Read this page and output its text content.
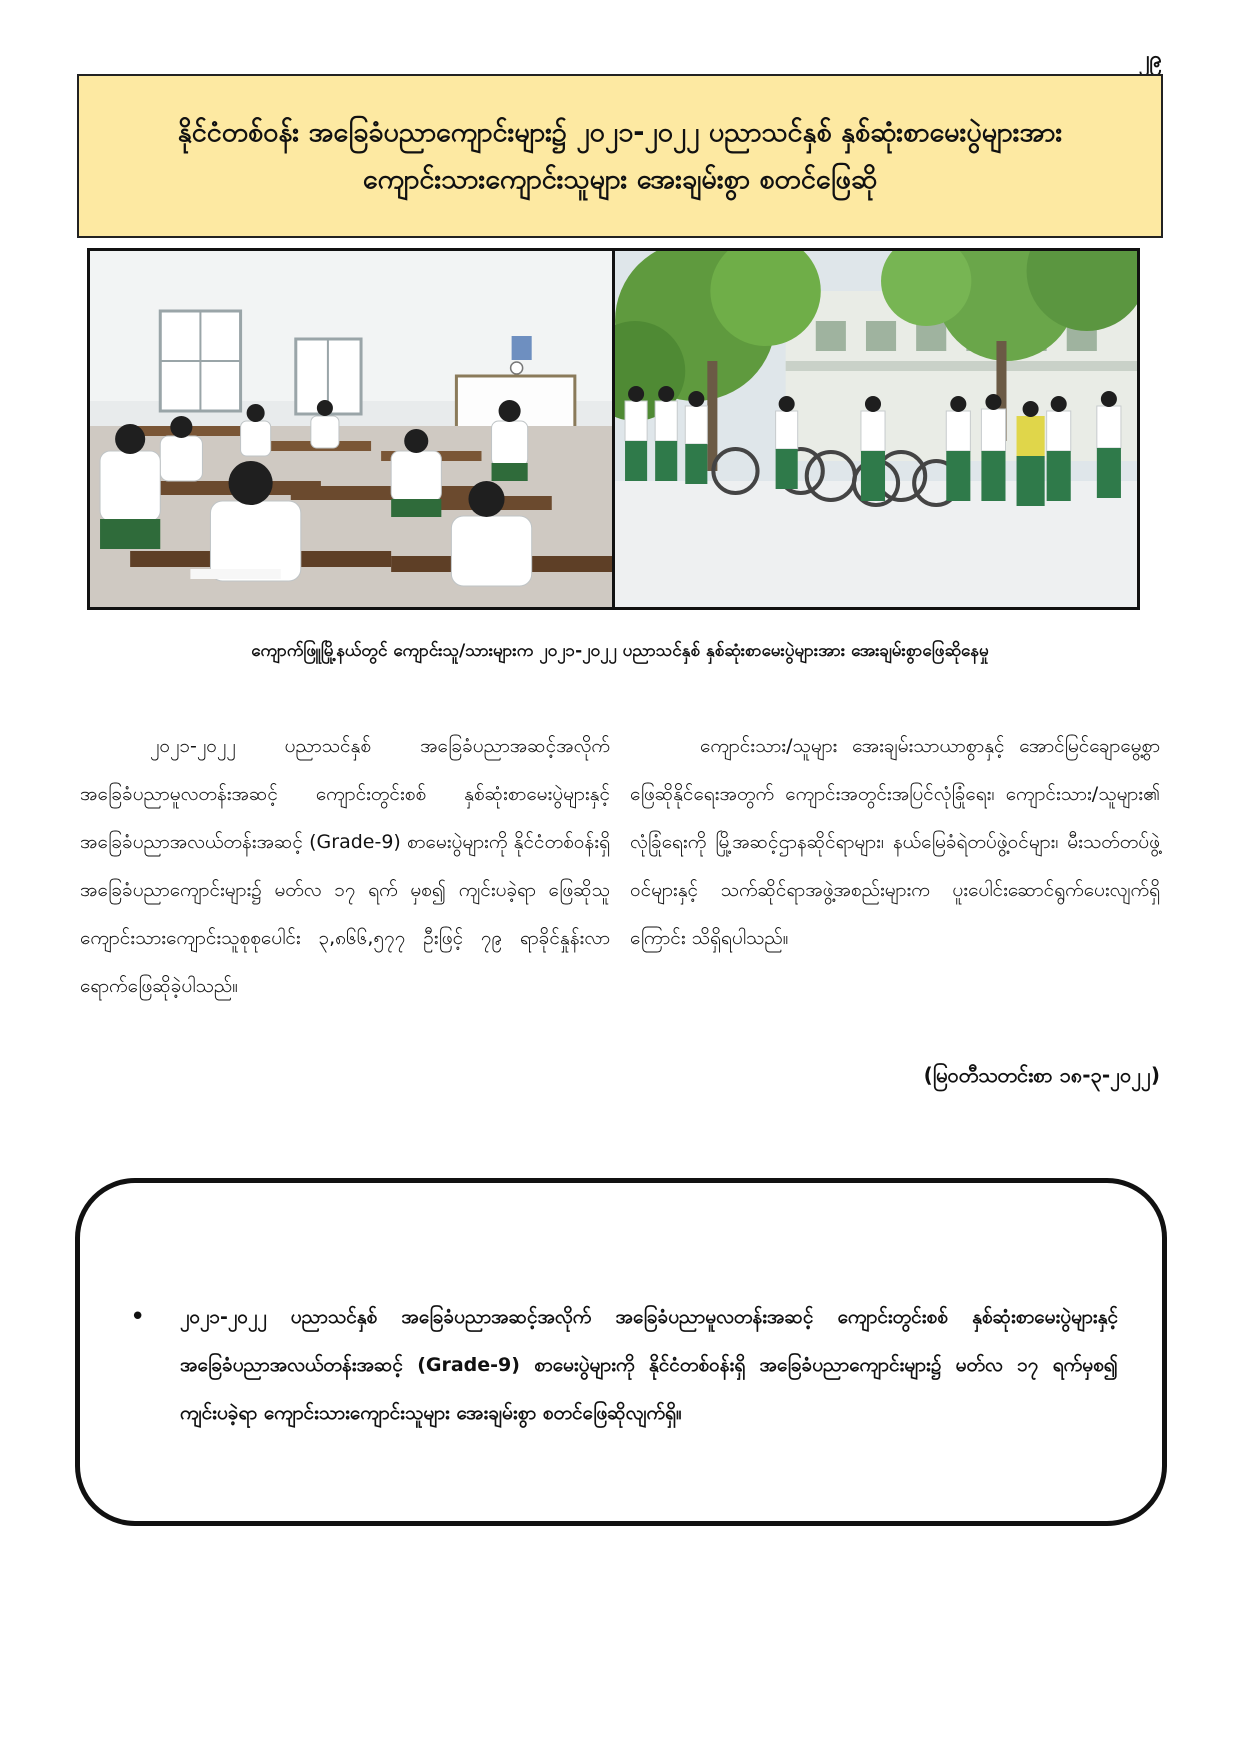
၂၉
နိုင်ငံတစ်ဝန်း အခြေခံပညာကျောင်းများ၌ ၂၀၂၁-၂၀၂၂ ပညာသင်နှစ် နှစ်ဆုံးစာမေးပွဲများအား
ကျောင်းသားကျောင်းသူများ အေးချမ်းစွာ စတင်ဖြေဆို
ကျောက်ဖြူမြို့နယ်တွင် ကျောင်းသူ/သားများက ၂၀၂၁-၂၀၂၂ ပညာသင်နှစ် နှစ်ဆုံးစာမေးပွဲများအား အေးချမ်းစွာဖြေဆိုနေမှု

၂၀၂၁-၂၀၂၂ ပညာသင်နှစ် အခြေခံပညာအဆင့်အလိုက် အခြေခံပညာမူလတန်းအဆင့် ကျောင်းတွင်းစစ် နှစ်ဆုံးစာမေးပွဲများနှင့် အခြေခံပညာအလယ်တန်းအဆင့် (Grade-9) စာမေးပွဲများကို နိုင်ငံတစ်ဝန်းရှိ အခြေခံပညာကျောင်းများ၌ မတ်လ ၁၇ ရက် မှစ၍ ကျင်းပခဲ့ရာ ဖြေဆိုသူ ကျောင်းသားကျောင်းသူစုစုပေါင်း ၃,၈၆၆,၅၇၇ ဦးဖြင့် ၇၉ ရာခိုင်နှုန်းလာရောက်ဖြေဆိုခဲ့ပါသည်။

ကျောင်းသား/သူများ အေးချမ်းသာယာစွာနှင့် အောင်မြင်ချောမွေ့စွာ ဖြေဆိုနိုင်ရေးအတွက် ကျောင်းအတွင်းအပြင်လုံခြုံရေး၊ ကျောင်းသား/သူများ၏ လုံခြုံရေးကို မြို့အဆင့်ဌာနဆိုင်ရာများ၊ နယ်မြေခံရဲတပ်ဖွဲ့ဝင်များ၊ မီးသတ်တပ်ဖွဲ့ဝင်များနှင့် သက်ဆိုင်ရာအဖွဲ့အစည်းများက ပူးပေါင်းဆောင်ရွက်ပေးလျက်ရှိကြောင်း သိရှိရပါသည်။

(မြဝတီသတင်းစာ ၁၈-၃-၂၀၂၂)
•	၂၀၂၁-၂၀၂၂ ပညာသင်နှစ် အခြေခံပညာအဆင့်အလိုက် အခြေခံပညာမူလတန်းအဆင့် ကျောင်းတွင်းစစ် နှစ်ဆုံးစာမေးပွဲများနှင့် အခြေခံပညာအလယ်တန်းအဆင့် (Grade-9) စာမေးပွဲများကို နိုင်ငံတစ်ဝန်းရှိ အခြေခံပညာကျောင်းများ၌ မတ်လ ၁၇ ရက်မှစ၍ ကျင်းပခဲ့ရာ ကျောင်းသားကျောင်းသူများ အေးချမ်းစွာ စတင်ဖြေဆိုလျက်ရှိ။
